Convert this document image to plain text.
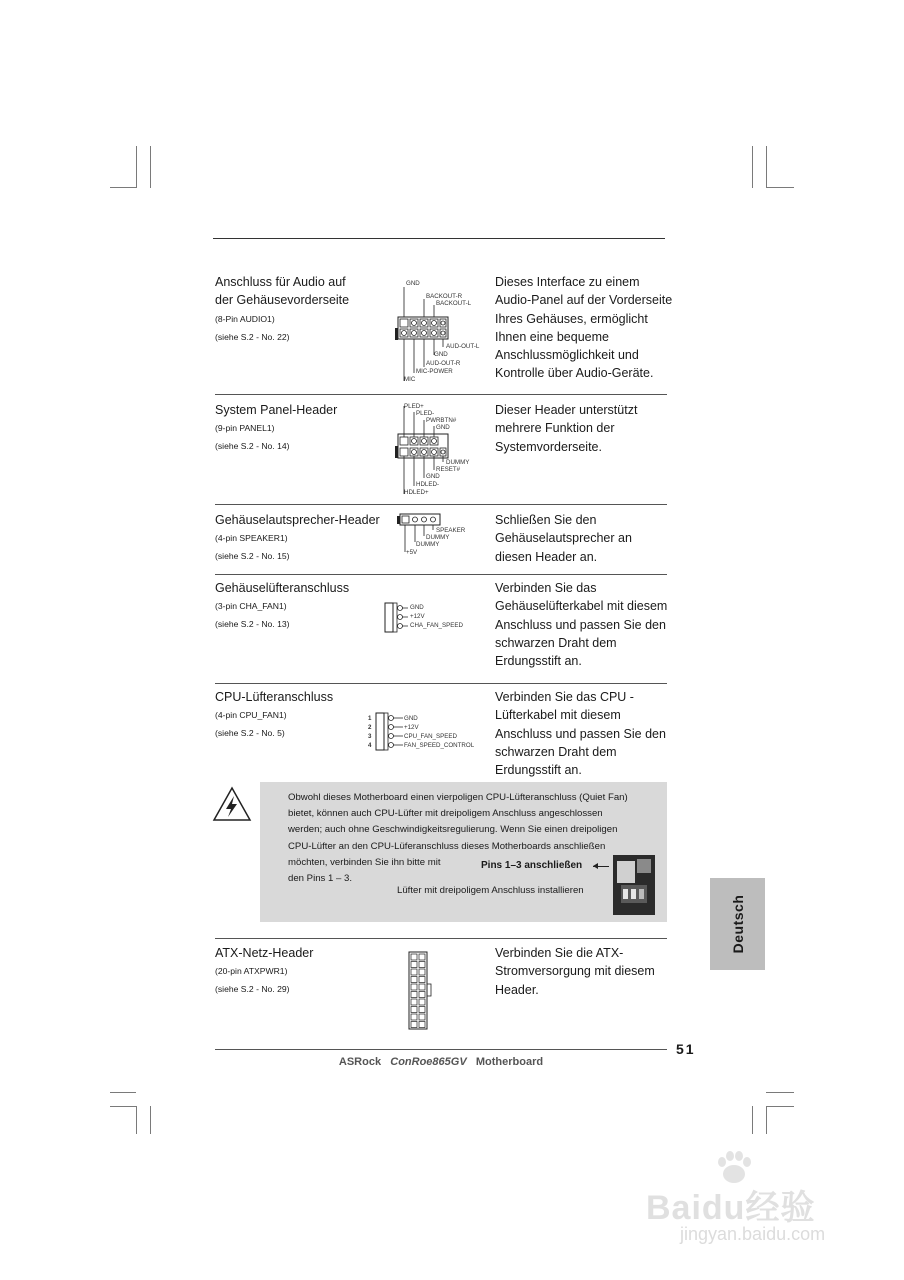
Anschluss für Audio auf
der Gehäusevorderseite
(8-Pin AUDIO1)
(siehe S.2 - No. 22)
Dieses Interface zu einem
Audio-Panel auf der Vorderseite
Ihres Gehäuses, ermöglicht
Ihnen eine bequeme
Anschlussmöglichkeit und
Kontrolle über Audio-Geräte.
GND
BACKOUT-R
BACKOUT-L
AUD-OUT-L
GND
AUD-OUT-R
MIC-POWER
MIC
System Panel-Header
(9-pin PANEL1)
(siehe S.2 - No. 14)
Dieser Header unterstützt
mehrere Funktion der
Systemvorderseite.
PLED+
PLED-
PWRBTN#
GND
DUMMY
RESET#
GND
HDLED-
HDLED+
Gehäuselautsprecher-Header
(4-pin SPEAKER1)
(siehe S.2 - No. 15)
Schließen Sie den
Gehäuselautsprecher an
diesen Header an.
SPEAKER
DUMMY
DUMMY
+5V
Gehäuselüfteranschluss
(3-pin CHA_FAN1)
(siehe S.2 - No. 13)
Verbinden Sie das
Gehäuselüfterkabel mit diesem
Anschluss und passen Sie den
schwarzen Draht dem
Erdungsstift an.
GND
+12V
CHA_FAN_SPEED
CPU-Lüfteranschluss
(4-pin CPU_FAN1)
(siehe S.2 - No. 5)
Verbinden Sie das CPU -
Lüfterkabel mit diesem
Anschluss und passen Sie den
schwarzen Draht dem
Erdungsstift an.
1
2
3
4
GND
+12V
CPU_FAN_SPEED
FAN_SPEED_CONTROL
Obwohl dieses Motherboard einen vierpoligen CPU-Lüfteranschluss (Quiet Fan)
bietet, können auch CPU-Lüfter mit dreipoligem Anschluss angeschlossen
werden; auch ohne Geschwindigkeitsregulierung. Wenn Sie einen dreipoligen
CPU-Lüfter an den CPU-Lüferanschluss dieses Motherboards anschließen
möchten, verbinden Sie ihn bitte mit
den Pins 1 – 3.
Pins 1–3 anschließen
Lüfter mit dreipoligem Anschluss installieren
ATX-Netz-Header
(20-pin ATXPWR1)
(siehe S.2 - No. 29)
Verbinden Sie die ATX-
Stromversorgung mit diesem
Header.
Deutsch
51
ASRock ConRoe865GV Motherboard
Baidu经验
jingyan.baidu.com
